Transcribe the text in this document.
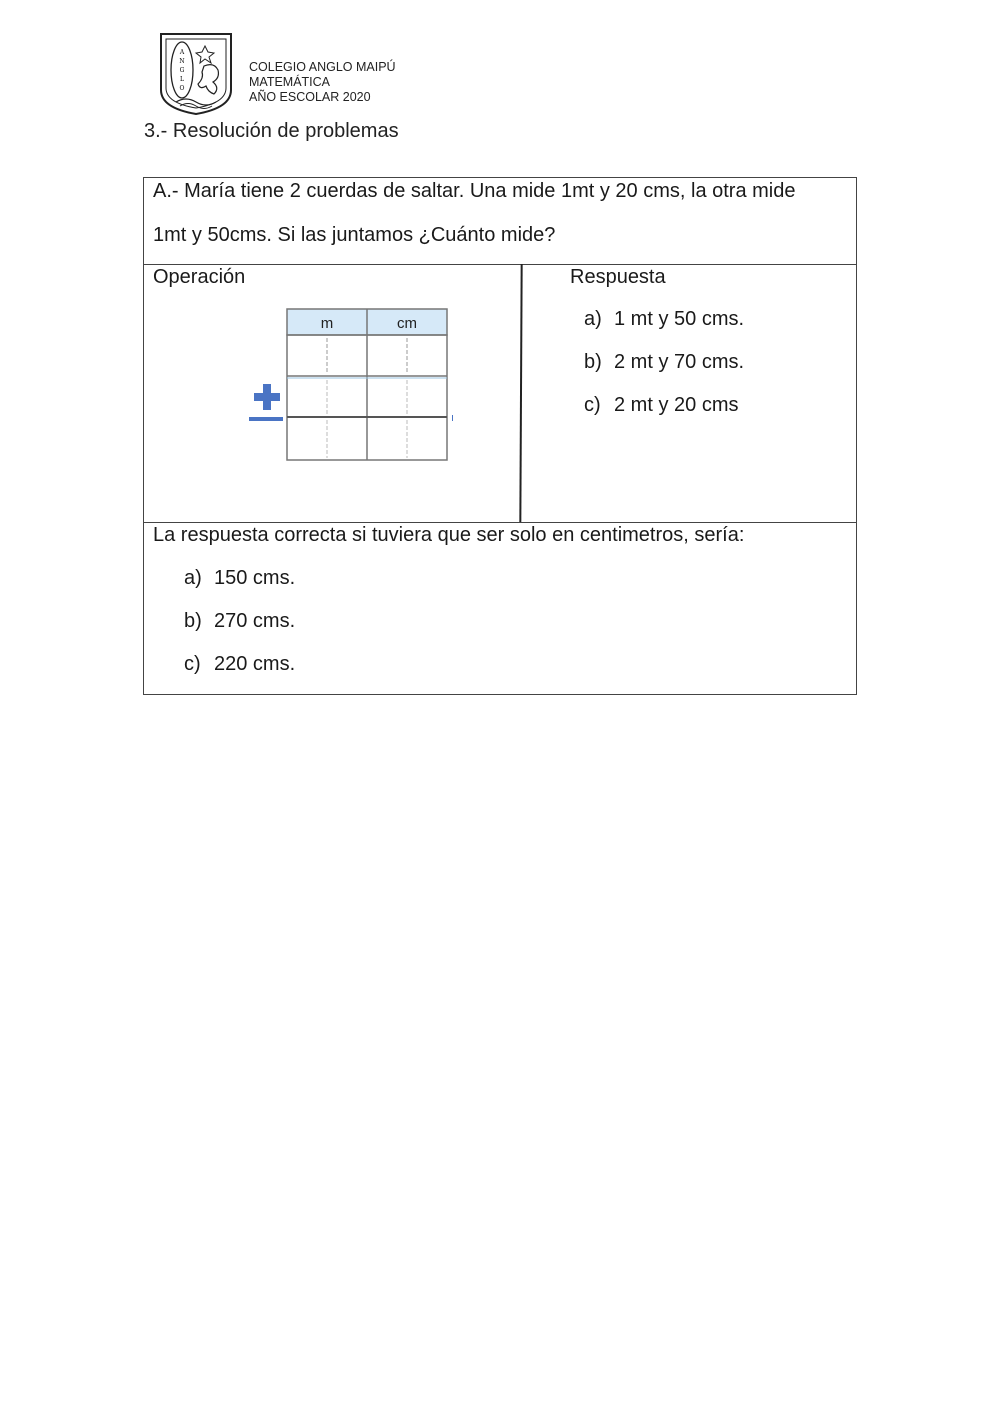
A
N
G
L
O
COLEGIO ANGLO MAIPÚ
MATEMÁTICA
AÑO ESCOLAR 2020
3.- Resolución de problemas

A.- María tiene 2 cuerdas de saltar. Una mide 1mt y 20 cms, la otra mide

1mt y 50cms. Si las juntamos ¿Cuánto mide?

Operación
m	cm
Respuesta
a) 1 mt y 50 cms.
b) 2 mt y 70 cms.
c) 2 mt y 20 cms
La respuesta correcta si tuviera que ser solo en centimetros, sería:
a) 150 cms.
b) 270 cms.
c) 220 cms.
